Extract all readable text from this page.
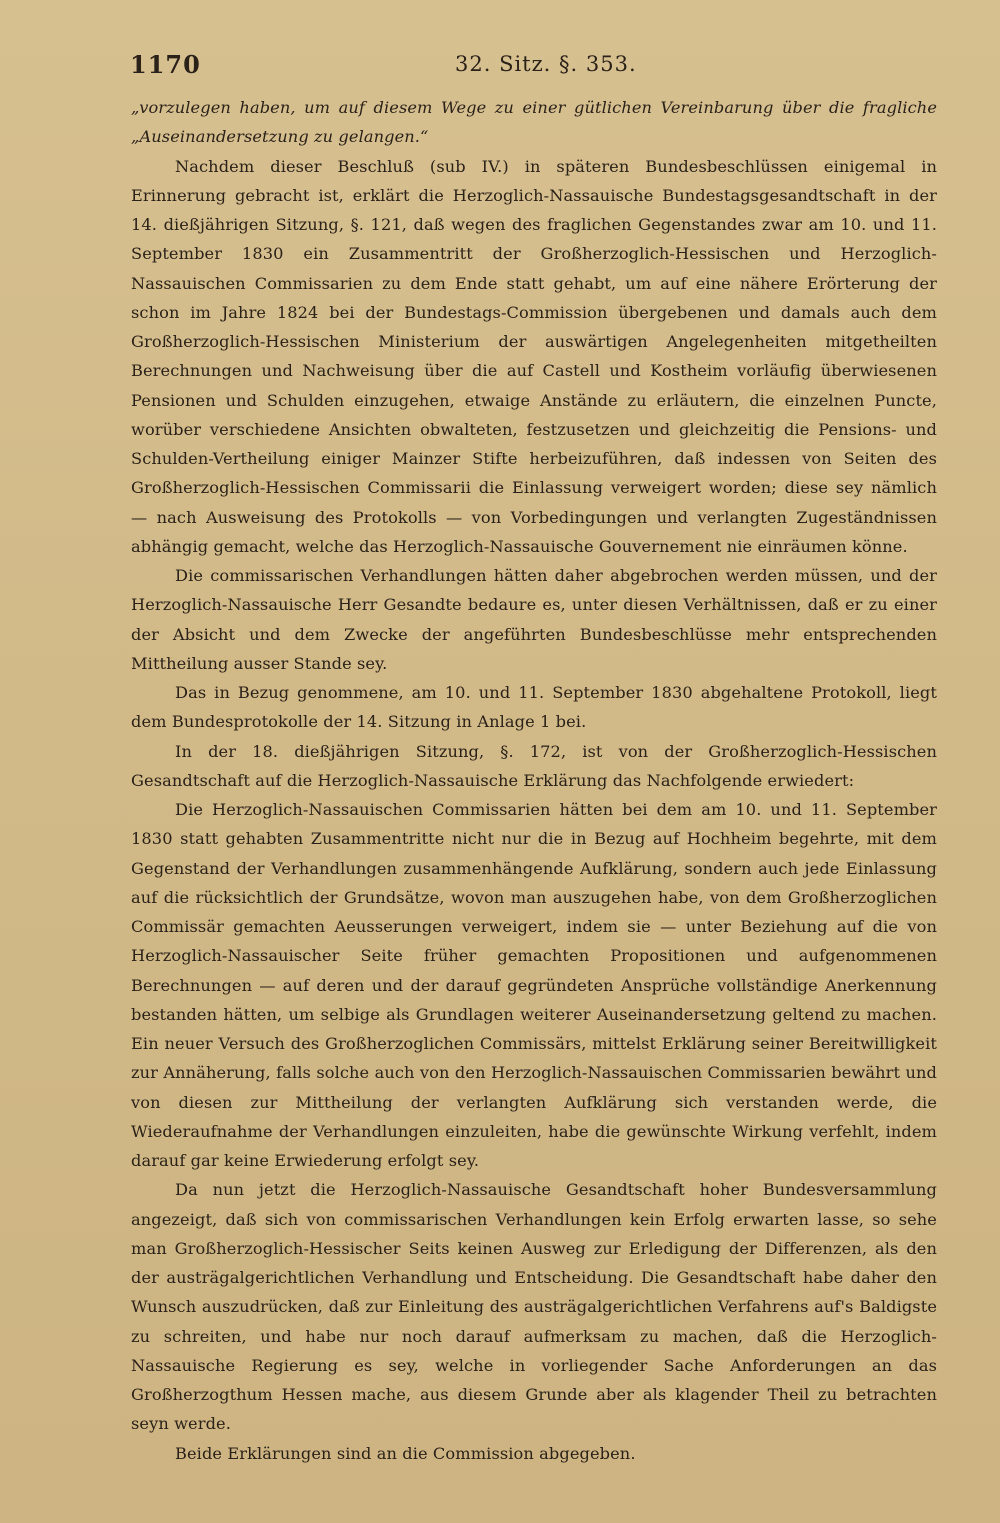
1170	32. Sitz. §. 353.

„vorzulegen haben, um auf diesem Wege zu einer gütlichen Vereinbarung über die fragliche „Auseinandersetzung zu gelangen.“

Nachdem dieser Beschluß (sub IV.) in späteren Bundesbeschlüssen einigemal in Erinnerung gebracht ist, erklärt die Herzoglich-Nassauische Bundestagsgesandtschaft in der 14. dießjährigen Sitzung, §. 121, daß wegen des fraglichen Gegenstandes zwar am 10. und 11. September 1830 ein Zusammentritt der Großherzoglich-Hessischen und Herzoglich-Nassauischen Commissarien zu dem Ende statt gehabt, um auf eine nähere Erörterung der schon im Jahre 1824 bei der Bundestags-Commission übergebenen und damals auch dem Großherzoglich-Hessischen Ministerium der auswärtigen Angelegenheiten mitgetheilten Berechnungen und Nachweisung über die auf Castell und Kostheim vorläufig überwiesenen Pensionen und Schulden einzugehen, etwaige Anstände zu erläutern, die einzelnen Puncte, worüber verschiedene Ansichten obwalteten, festzusetzen und gleichzeitig die Pensions- und Schulden-Vertheilung einiger Mainzer Stifte herbeizuführen, daß indessen von Seiten des Großherzoglich-Hessischen Commissarii die Einlassung verweigert worden; diese sey nämlich — nach Ausweisung des Protokolls — von Vorbedingungen und verlangten Zugeständnissen abhängig gemacht, welche das Herzoglich-Nassauische Gouvernement nie einräumen könne.

Die commissarischen Verhandlungen hätten daher abgebrochen werden müssen, und der Herzoglich-Nassauische Herr Gesandte bedaure es, unter diesen Verhältnissen, daß er zu einer der Absicht und dem Zwecke der angeführten Bundesbeschlüsse mehr entsprechenden Mittheilung ausser Stande sey.

Das in Bezug genommene, am 10. und 11. September 1830 abgehaltene Protokoll, liegt dem Bundesprotokolle der 14. Sitzung in Anlage 1 bei.

In der 18. dießjährigen Sitzung, §. 172, ist von der Großherzoglich-Hessischen Gesandtschaft auf die Herzoglich-Nassauische Erklärung das Nachfolgende erwiedert:

Die Herzoglich-Nassauischen Commissarien hätten bei dem am 10. und 11. September 1830 statt gehabten Zusammentritte nicht nur die in Bezug auf Hochheim begehrte, mit dem Gegenstand der Verhandlungen zusammenhängende Aufklärung, sondern auch jede Einlassung auf die rücksichtlich der Grundsätze, wovon man auszugehen habe, von dem Großherzoglichen Commissär gemachten Aeusserungen verweigert, indem sie — unter Beziehung auf die von Herzoglich-Nassauischer Seite früher gemachten Propositionen und aufgenommenen Berechnungen — auf deren und der darauf gegründeten Ansprüche vollständige Anerkennung bestanden hätten, um selbige als Grundlagen weiterer Auseinandersetzung geltend zu machen. Ein neuer Versuch des Großherzoglichen Commissärs, mittelst Erklärung seiner Bereitwilligkeit zur Annäherung, falls solche auch von den Herzoglich-Nassauischen Commissarien bewährt und von diesen zur Mittheilung der verlangten Aufklärung sich verstanden werde, die Wiederaufnahme der Verhandlungen einzuleiten, habe die gewünschte Wirkung verfehlt, indem darauf gar keine Erwiederung erfolgt sey.

Da nun jetzt die Herzoglich-Nassauische Gesandtschaft hoher Bundesversammlung angezeigt, daß sich von commissarischen Verhandlungen kein Erfolg erwarten lasse, so sehe man Großherzoglich-Hessischer Seits keinen Ausweg zur Erledigung der Differenzen, als den der austrägalgerichtlichen Verhandlung und Entscheidung. Die Gesandtschaft habe daher den Wunsch auszudrücken, daß zur Einleitung des austrägalgerichtlichen Verfahrens auf's Baldigste zu schreiten, und habe nur noch darauf aufmerksam zu machen, daß die Herzoglich-Nassauische Regierung es sey, welche in vorliegender Sache Anforderungen an das Großherzogthum Hessen mache, aus diesem Grunde aber als klagender Theil zu betrachten seyn werde.

Beide Erklärungen sind an die Commission abgegeben.
